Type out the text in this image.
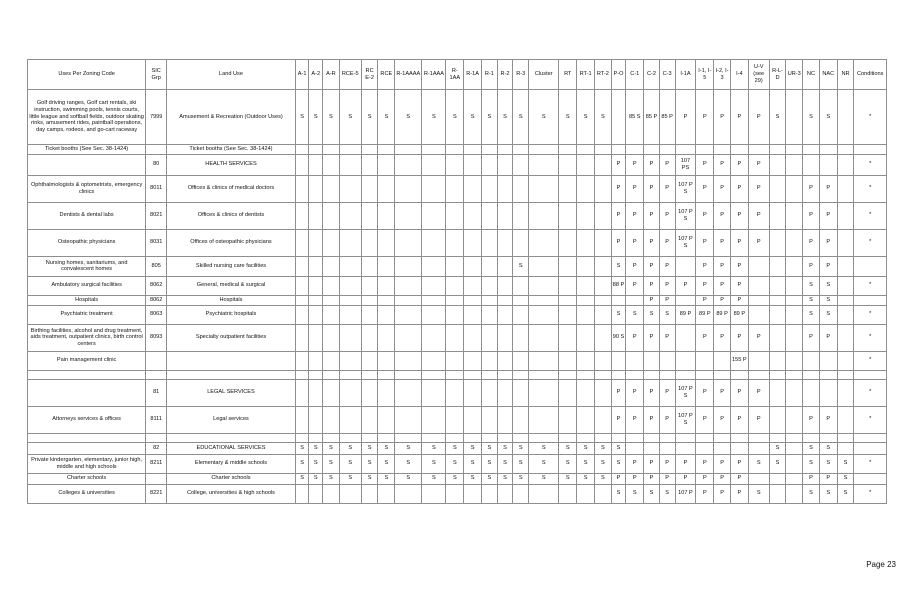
Uses Per Zoning Code	SIC Grp	Land Use	A-1	A-2	A-R	RCE-5	RC E-2	RCE	R-1AAAA	R-1AAA	R-1AA	R-1A	R-1	R-2	R-3	Cluster	RT	RT-1	RT-2	P-O	C-1	C-2	C-3	I-1A	I-1, I-5	I-2, I-3	I-4	U-V (see 29)	R-L-D	UR-3	NC	NAC	NR	Conditions
Golf driving ranges, Golf cart rentals, ski instruction, swimming pools, tennis courts, little league and softball fields, outdoor skating rinks, amusement rides, paintball operations, day camps, rodeos, and go-cart raceway	7999	Amusement & Recreation (Outdoor Uses)	S	S	S	S	S	S	S	S	S	S	S	S	S	S	S	S	S		85 S	85 P	85 P	P	P	P	P	P	S		S	S		*
Ticket booths (See Sec. 38-1424)		Ticket booths (See Sec. 38-1424)																																
	80	HEALTH SERVICES																		P	P	P	P	107 PS	P	P	P	P						*
Ophthalmologists & optometrists, emergency clinics	8011	Offices & clinics of medical doctors																		P	P	P	P	107 P S	P	P	P	P			P	P		*
Dentists & dental labs	8021	Offices & clinics of dentists																		P	P	P	P	107 P S	P	P	P	P			P	P		*
Osteopathic physicians	8031	Offices of osteopathic physicians																		P	P	P	P	107 P S	P	P	P	P			P	P		*
Nursing homes, sanitariums, and convalescent homes	805	Skilled nursing care facilities													S					S	P	P	P		P	P	P				P	P		
Ambulatory surgical facilities	8062	General, medical & surgical																		88 P	P	P	P	P	P	P	P				S	S		*
Hospitals	8062	Hospitals																				P	P		P	P	P				S	S		
Psychiatric treatment	8063	Psychiatric hospitals																		S	S	S	S	89 P	89 P	89 P	89 P				S	S		*
Birthing facilities, alcohol and drug treatment, aids treatment, outpatient clinics, birth control centers	8093	Specialty outpatient facilities																		90 S	P	P	P		P	P	P	P			P	P		*
Pain management clinic																											155 P							*

	81	LEGAL SERVICES																		P	P	P	P	107 P S	P	P	P	P						*
Attorneys services & offices	8111	Legal services																		P	P	P	P	107 P S	P	P	P	P			P	P		*

	82	EDUCATIONAL SERVICES	S	S	S	S	S	S	S	S	S	S	S	S	S	S	S	S	S	S									S		S	S		
Private kindergarten, elementary, junior high, middle and high schools	8211	Elementary & middle schools	S	S	S	S	S	S	S	S	S	S	S	S	S	S	S	S	S	S	P	P	P	P	P	P	P	S	S		S	S	S	*
Charter schools		Charter schools	S	S	S	S	S	S	S	S	S	S	S	S	S	S	S	S	S	P	P	P	P	P	P	P	P				P	P	S	
Colleges & universities	8221	College, universities & high schools																		S	S	S	S	107 P	P	P	P	S			S	S	S	*
Page 23
